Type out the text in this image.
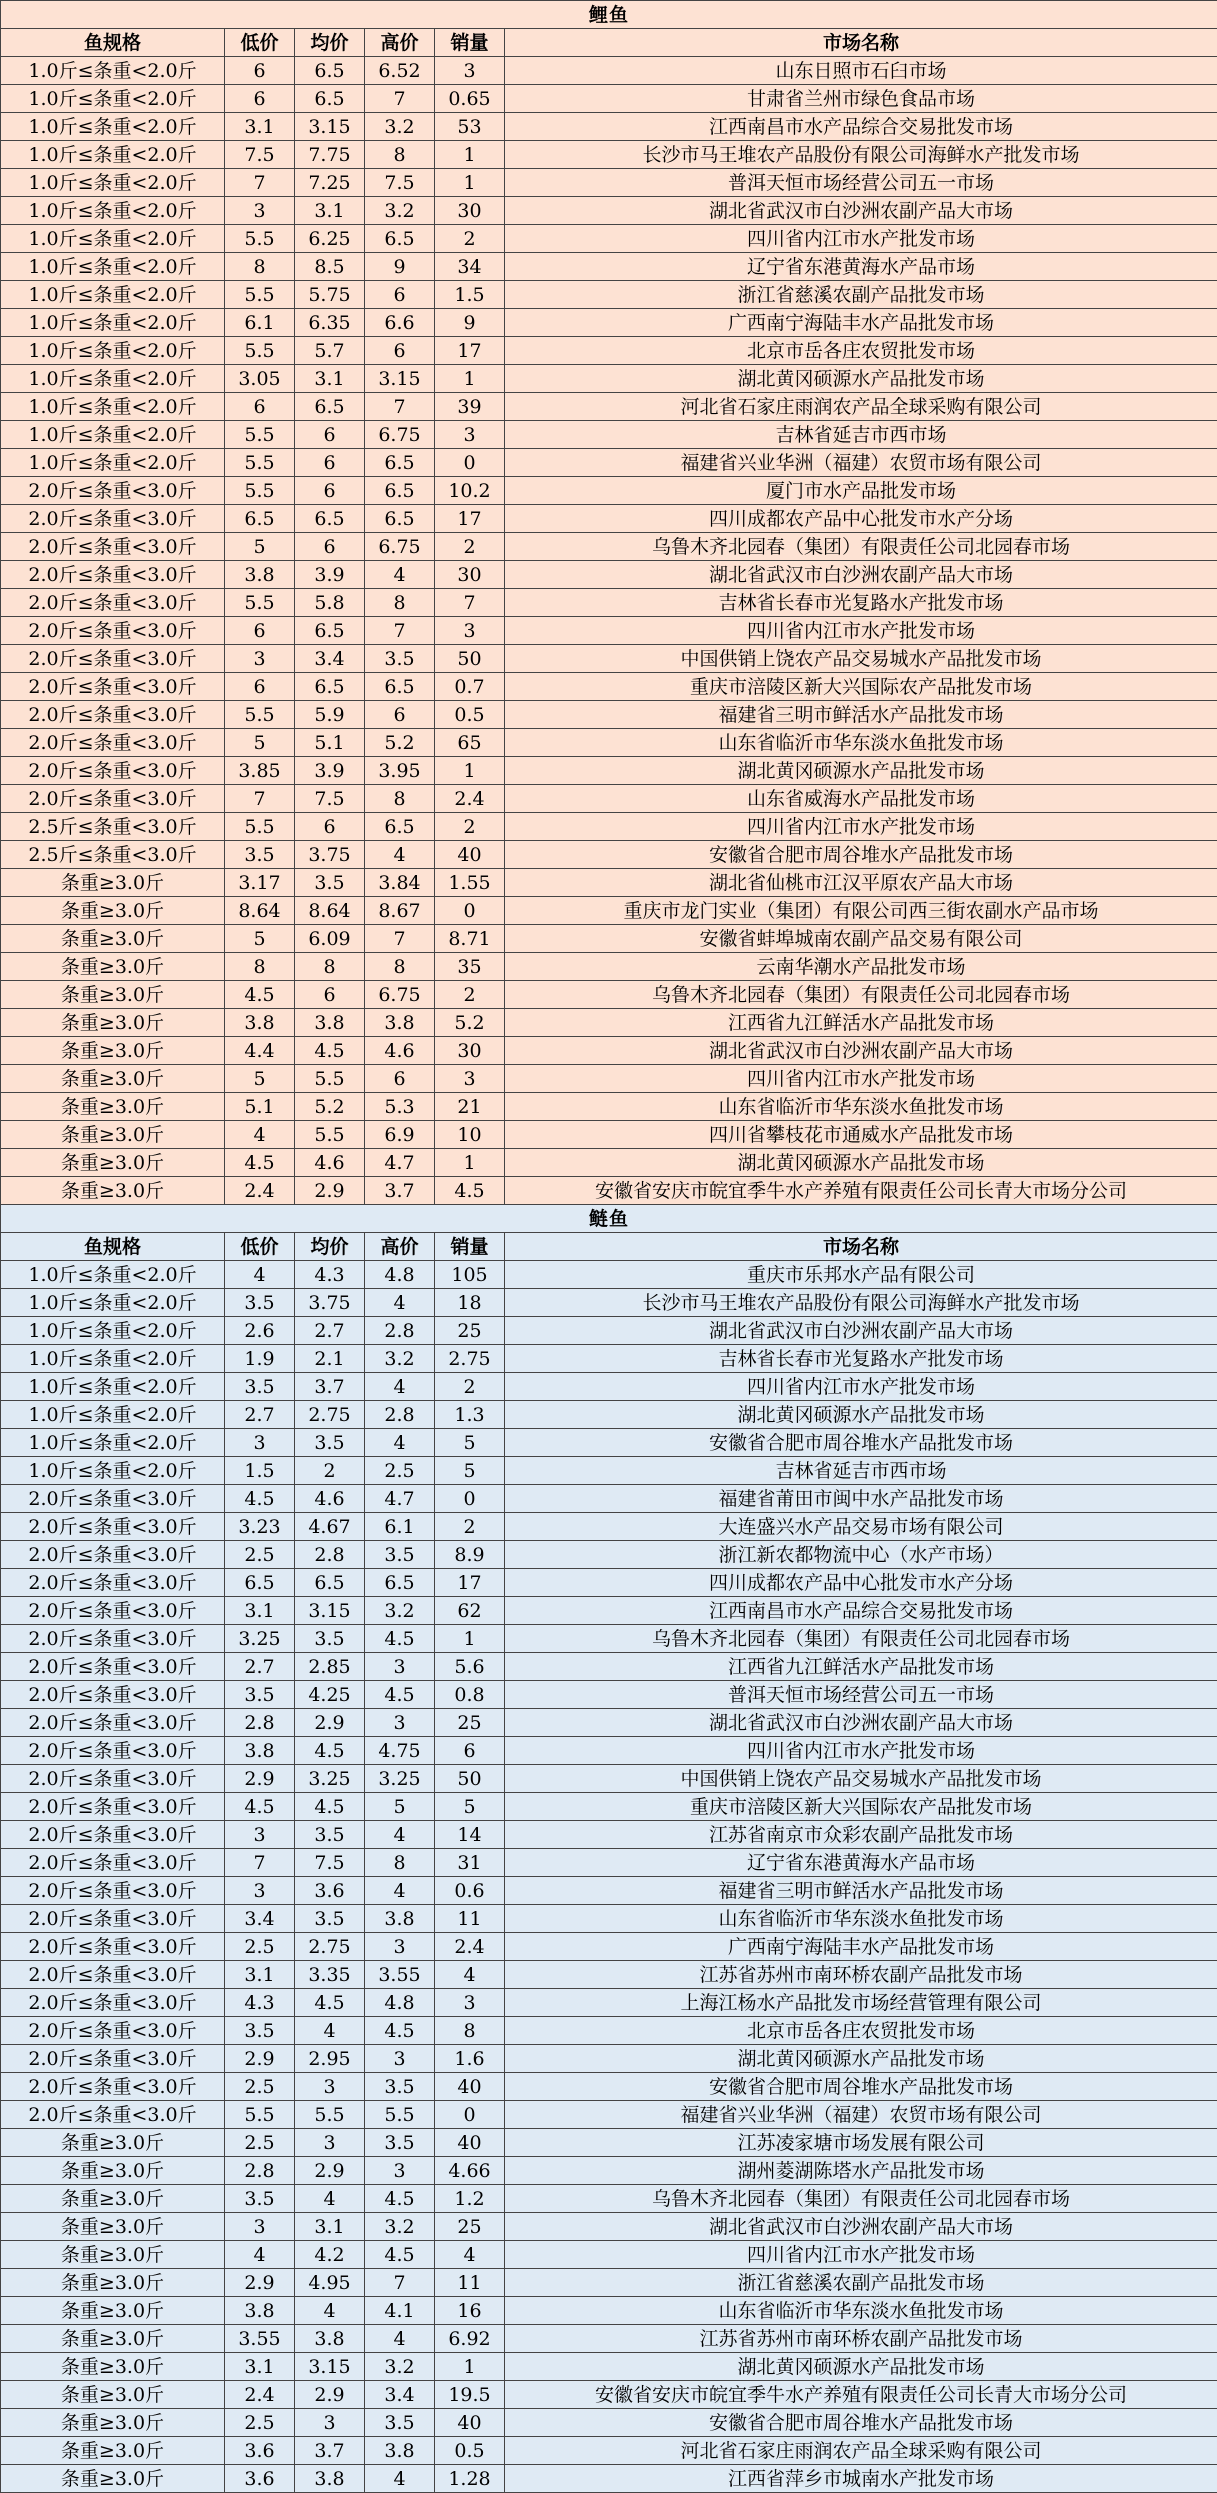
鲤鱼					
鱼规格	低价	均价	高价	销量	市场名称
1.0斤≤条重<2.0斤	6	6.5	6.52	3	山东日照市石臼市场
1.0斤≤条重<2.0斤	6	6.5	7	0.65	甘肃省兰州市绿色食品市场
1.0斤≤条重<2.0斤	3.1	3.15	3.2	53	江西南昌市水产品综合交易批发市场
1.0斤≤条重<2.0斤	7.5	7.75	8	1	长沙市马王堆农产品股份有限公司海鲜水产批发市场
1.0斤≤条重<2.0斤	7	7.25	7.5	1	普洱天恒市场经营公司五一市场
1.0斤≤条重<2.0斤	3	3.1	3.2	30	湖北省武汉市白沙洲农副产品大市场
1.0斤≤条重<2.0斤	5.5	6.25	6.5	2	四川省内江市水产批发市场
1.0斤≤条重<2.0斤	8	8.5	9	34	辽宁省东港黄海水产品市场
1.0斤≤条重<2.0斤	5.5	5.75	6	1.5	浙江省慈溪农副产品批发市场
1.0斤≤条重<2.0斤	6.1	6.35	6.6	9	广西南宁海陆丰水产品批发市场
1.0斤≤条重<2.0斤	5.5	5.7	6	17	北京市岳各庄农贸批发市场
1.0斤≤条重<2.0斤	3.05	3.1	3.15	1	湖北黄冈硕源水产品批发市场
1.0斤≤条重<2.0斤	6	6.5	7	39	河北省石家庄雨润农产品全球采购有限公司
1.0斤≤条重<2.0斤	5.5	6	6.75	3	吉林省延吉市西市场
1.0斤≤条重<2.0斤	5.5	6	6.5	0	福建省兴业华洲（福建）农贸市场有限公司
2.0斤≤条重<3.0斤	5.5	6	6.5	10.2	厦门市水产品批发市场
2.0斤≤条重<3.0斤	6.5	6.5	6.5	17	四川成都农产品中心批发市水产分场
2.0斤≤条重<3.0斤	5	6	6.75	2	乌鲁木齐北园春（集团）有限责任公司北园春市场
2.0斤≤条重<3.0斤	3.8	3.9	4	30	湖北省武汉市白沙洲农副产品大市场
2.0斤≤条重<3.0斤	5.5	5.8	8	7	吉林省长春市光复路水产批发市场
2.0斤≤条重<3.0斤	6	6.5	7	3	四川省内江市水产批发市场
2.0斤≤条重<3.0斤	3	3.4	3.5	50	中国供销上饶农产品交易城水产品批发市场
2.0斤≤条重<3.0斤	6	6.5	6.5	0.7	重庆市涪陵区新大兴国际农产品批发市场
2.0斤≤条重<3.0斤	5.5	5.9	6	0.5	福建省三明市鲜活水产品批发市场
2.0斤≤条重<3.0斤	5	5.1	5.2	65	山东省临沂市华东淡水鱼批发市场
2.0斤≤条重<3.0斤	3.85	3.9	3.95	1	湖北黄冈硕源水产品批发市场
2.0斤≤条重<3.0斤	7	7.5	8	2.4	山东省威海水产品批发市场
2.5斤≤条重<3.0斤	5.5	6	6.5	2	四川省内江市水产批发市场
2.5斤≤条重<3.0斤	3.5	3.75	4	40	安徽省合肥市周谷堆水产品批发市场
条重≥3.0斤	3.17	3.5	3.84	1.55	湖北省仙桃市江汉平原农产品大市场
条重≥3.0斤	8.64	8.64	8.67	0	重庆市龙门实业（集团）有限公司西三街农副水产品市场
条重≥3.0斤	5	6.09	7	8.71	安徽省蚌埠城南农副产品交易有限公司
条重≥3.0斤	8	8	8	35	云南华潮水产品批发市场
条重≥3.0斤	4.5	6	6.75	2	乌鲁木齐北园春（集团）有限责任公司北园春市场
条重≥3.0斤	3.8	3.8	3.8	5.2	江西省九江鲜活水产品批发市场
条重≥3.0斤	4.4	4.5	4.6	30	湖北省武汉市白沙洲农副产品大市场
条重≥3.0斤	5	5.5	6	3	四川省内江市水产批发市场
条重≥3.0斤	5.1	5.2	5.3	21	山东省临沂市华东淡水鱼批发市场
条重≥3.0斤	4	5.5	6.9	10	四川省攀枝花市通威水产品批发市场
条重≥3.0斤	4.5	4.6	4.7	1	湖北黄冈硕源水产品批发市场
条重≥3.0斤	2.4	2.9	3.7	4.5	安徽省安庆市皖宜季牛水产养殖有限责任公司长青大市场分公司
鲢鱼					
鱼规格	低价	均价	高价	销量	市场名称
1.0斤≤条重<2.0斤	4	4.3	4.8	105	重庆市乐邦水产品有限公司
1.0斤≤条重<2.0斤	3.5	3.75	4	18	长沙市马王堆农产品股份有限公司海鲜水产批发市场
1.0斤≤条重<2.0斤	2.6	2.7	2.8	25	湖北省武汉市白沙洲农副产品大市场
1.0斤≤条重<2.0斤	1.9	2.1	3.2	2.75	吉林省长春市光复路水产批发市场
1.0斤≤条重<2.0斤	3.5	3.7	4	2	四川省内江市水产批发市场
1.0斤≤条重<2.0斤	2.7	2.75	2.8	1.3	湖北黄冈硕源水产品批发市场
1.0斤≤条重<2.0斤	3	3.5	4	5	安徽省合肥市周谷堆水产品批发市场
1.0斤≤条重<2.0斤	1.5	2	2.5	5	吉林省延吉市西市场
2.0斤≤条重<3.0斤	4.5	4.6	4.7	0	福建省莆田市闽中水产品批发市场
2.0斤≤条重<3.0斤	3.23	4.67	6.1	2	大连盛兴水产品交易市场有限公司
2.0斤≤条重<3.0斤	2.5	2.8	3.5	8.9	浙江新农都物流中心（水产市场）
2.0斤≤条重<3.0斤	6.5	6.5	6.5	17	四川成都农产品中心批发市水产分场
2.0斤≤条重<3.0斤	3.1	3.15	3.2	62	江西南昌市水产品综合交易批发市场
2.0斤≤条重<3.0斤	3.25	3.5	4.5	1	乌鲁木齐北园春（集团）有限责任公司北园春市场
2.0斤≤条重<3.0斤	2.7	2.85	3	5.6	江西省九江鲜活水产品批发市场
2.0斤≤条重<3.0斤	3.5	4.25	4.5	0.8	普洱天恒市场经营公司五一市场
2.0斤≤条重<3.0斤	2.8	2.9	3	25	湖北省武汉市白沙洲农副产品大市场
2.0斤≤条重<3.0斤	3.8	4.5	4.75	6	四川省内江市水产批发市场
2.0斤≤条重<3.0斤	2.9	3.25	3.25	50	中国供销上饶农产品交易城水产品批发市场
2.0斤≤条重<3.0斤	4.5	4.5	5	5	重庆市涪陵区新大兴国际农产品批发市场
2.0斤≤条重<3.0斤	3	3.5	4	14	江苏省南京市众彩农副产品批发市场
2.0斤≤条重<3.0斤	7	7.5	8	31	辽宁省东港黄海水产品市场
2.0斤≤条重<3.0斤	3	3.6	4	0.6	福建省三明市鲜活水产品批发市场
2.0斤≤条重<3.0斤	3.4	3.5	3.8	11	山东省临沂市华东淡水鱼批发市场
2.0斤≤条重<3.0斤	2.5	2.75	3	2.4	广西南宁海陆丰水产品批发市场
2.0斤≤条重<3.0斤	3.1	3.35	3.55	4	江苏省苏州市南环桥农副产品批发市场
2.0斤≤条重<3.0斤	4.3	4.5	4.8	3	上海江杨水产品批发市场经营管理有限公司
2.0斤≤条重<3.0斤	3.5	4	4.5	8	北京市岳各庄农贸批发市场
2.0斤≤条重<3.0斤	2.9	2.95	3	1.6	湖北黄冈硕源水产品批发市场
2.0斤≤条重<3.0斤	2.5	3	3.5	40	安徽省合肥市周谷堆水产品批发市场
2.0斤≤条重<3.0斤	5.5	5.5	5.5	0	福建省兴业华洲（福建）农贸市场有限公司
条重≥3.0斤	2.5	3	3.5	40	江苏凌家塘市场发展有限公司
条重≥3.0斤	2.8	2.9	3	4.66	湖州菱湖陈塔水产品批发市场
条重≥3.0斤	3.5	4	4.5	1.2	乌鲁木齐北园春（集团）有限责任公司北园春市场
条重≥3.0斤	3	3.1	3.2	25	湖北省武汉市白沙洲农副产品大市场
条重≥3.0斤	4	4.2	4.5	4	四川省内江市水产批发市场
条重≥3.0斤	2.9	4.95	7	11	浙江省慈溪农副产品批发市场
条重≥3.0斤	3.8	4	4.1	16	山东省临沂市华东淡水鱼批发市场
条重≥3.0斤	3.55	3.8	4	6.92	江苏省苏州市南环桥农副产品批发市场
条重≥3.0斤	3.1	3.15	3.2	1	湖北黄冈硕源水产品批发市场
条重≥3.0斤	2.4	2.9	3.4	19.5	安徽省安庆市皖宜季牛水产养殖有限责任公司长青大市场分公司
条重≥3.0斤	2.5	3	3.5	40	安徽省合肥市周谷堆水产品批发市场
条重≥3.0斤	3.6	3.7	3.8	0.5	河北省石家庄雨润农产品全球采购有限公司
条重≥3.0斤	3.6	3.8	4	1.28	江西省萍乡市城南水产批发市场
